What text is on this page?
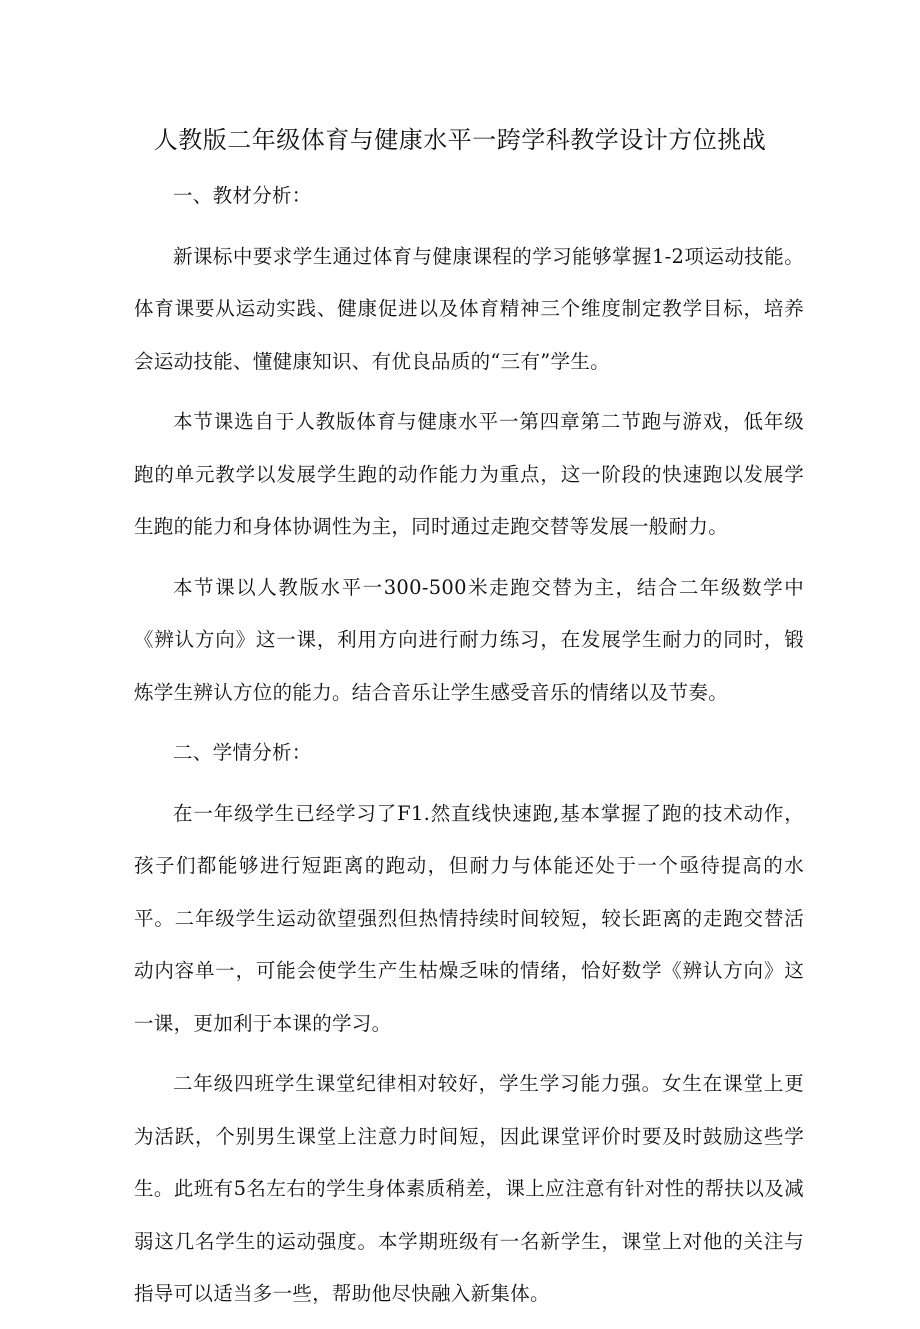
人教版二年级体育与健康水平一跨学科教学设计方位挑战

一、教材分析：

新课标中要求学生通过体育与健康课程的学习能够掌握1-2项运动技能。体育课要从运动实践、健康促进以及体育精神三个维度制定教学目标，培养会运动技能、懂健康知识、有优良品质的“三有”学生。

本节课选自于人教版体育与健康水平一第四章第二节跑与游戏，低年级跑的单元教学以发展学生跑的动作能力为重点，这一阶段的快速跑以发展学生跑的能力和身体协调性为主，同时通过走跑交替等发展一般耐力。

本节课以人教版水平一300-500米走跑交替为主，结合二年级数学中《辨认方向》这一课，利用方向进行耐力练习，在发展学生耐力的同时，锻炼学生辨认方位的能力。结合音乐让学生感受音乐的情绪以及节奏。

二、学情分析：

在一年级学生已经学习了F1.然直线快速跑,基本掌握了跑的技术动作，孩子们都能够进行短距离的跑动，但耐力与体能还处于一个亟待提高的水平。二年级学生运动欲望强烈但热情持续时间较短，较长距离的走跑交替活动内容单一，可能会使学生产生枯燥乏味的情绪，恰好数学《辨认方向》这一课，更加利于本课的学习。

二年级四班学生课堂纪律相对较好，学生学习能力强。女生在课堂上更为活跃，个别男生课堂上注意力时间短，因此课堂评价时要及时鼓励这些学生。此班有5名左右的学生身体素质稍差，课上应注意有针对性的帮扶以及减弱这几名学生的运动强度。本学期班级有一名新学生，课堂上对他的关注与指导可以适当多一些，帮助他尽快融入新集体。
